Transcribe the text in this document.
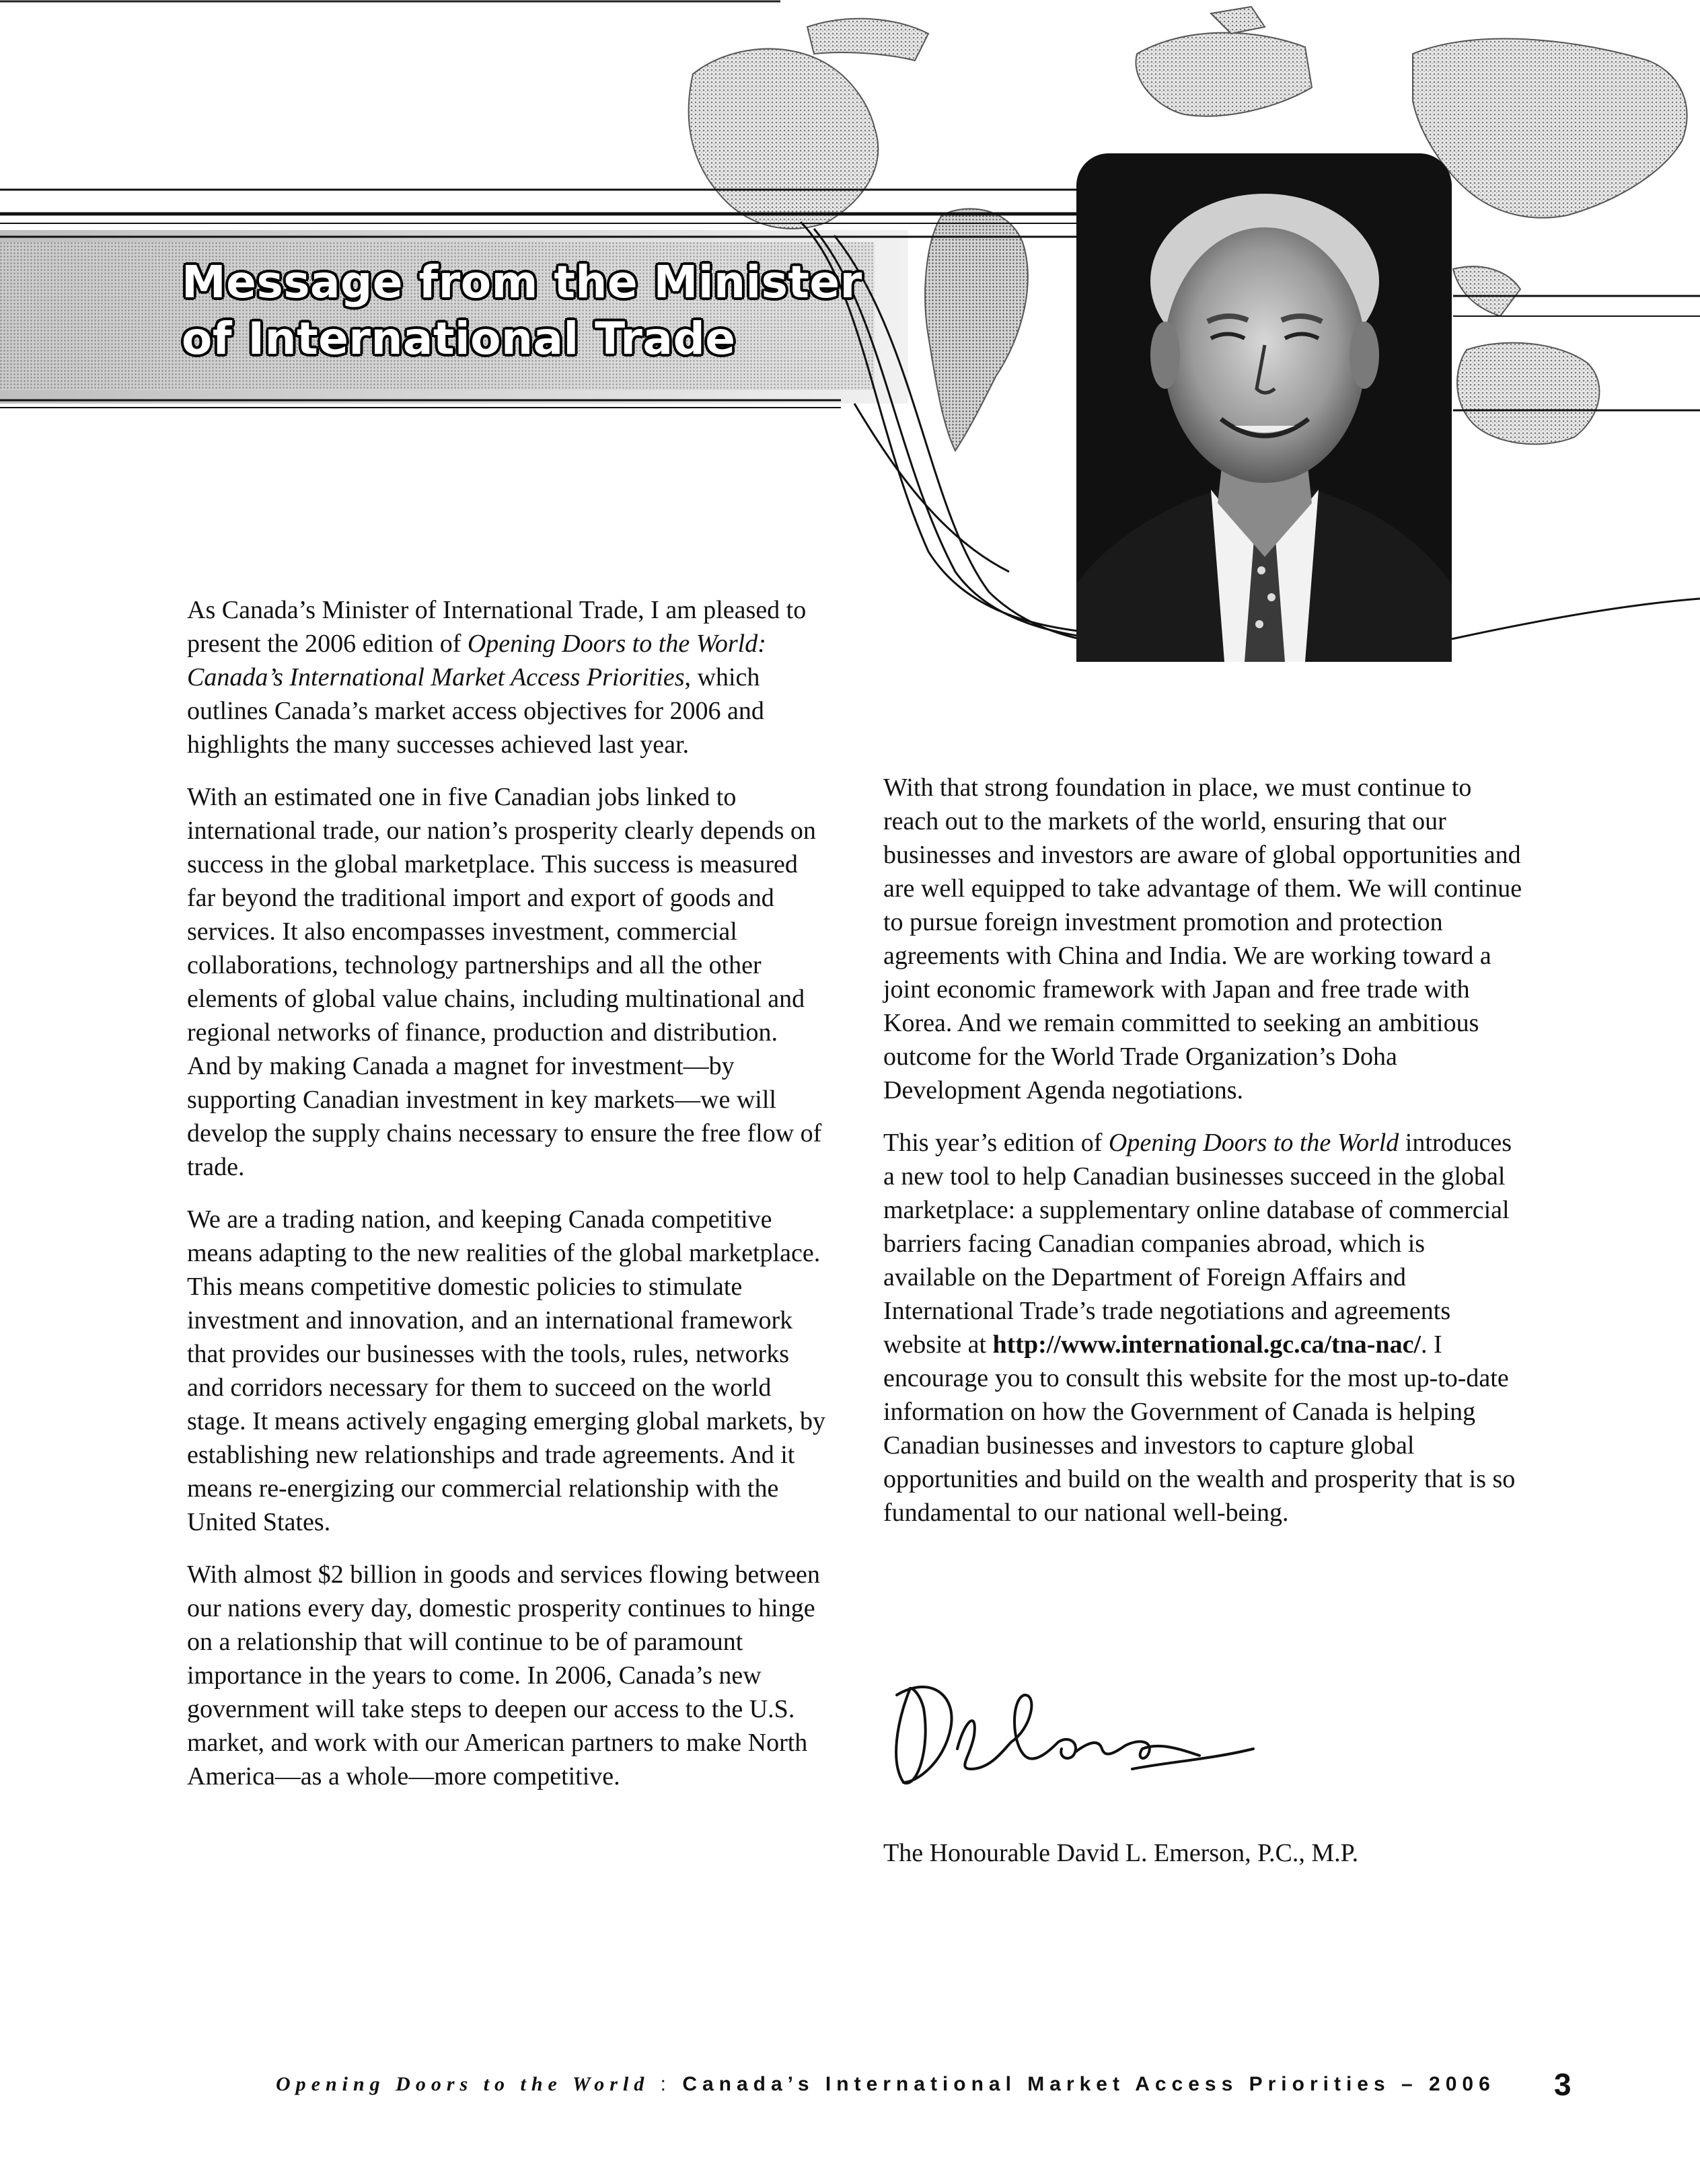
Message from the Minister
of International Trade

As Canada’s Minister of International Trade, I am pleased to present the 2006 edition of Opening Doors to the World: Canada’s International Market Access Priorities, which outlines Canada’s market access objectives for 2006 and highlights the many successes achieved last year.

With an estimated one in five Canadian jobs linked to international trade, our nation’s prosperity clearly depends on success in the global marketplace. This success is measured far beyond the traditional import and export of goods and services. It also encompasses investment, commercial collaborations, technology partnerships and all the other elements of global value chains, including multinational and regional networks of finance, production and distribution. And by making Canada a magnet for investment—by supporting Canadian investment in key markets—we will develop the supply chains necessary to ensure the free flow of trade.

We are a trading nation, and keeping Canada competitive means adapting to the new realities of the global marketplace. This means competitive domestic policies to stimulate investment and innovation, and an international framework that provides our businesses with the tools, rules, networks and corridors necessary for them to succeed on the world stage. It means actively engaging emerging global markets, by establishing new relationships and trade agreements. And it means re-energizing our commercial relationship with the United States.

With almost $2 billion in goods and services flowing between our nations every day, domestic prosperity continues to hinge on a relationship that will continue to be of paramount importance in the years to come. In 2006, Canada’s new government will take steps to deepen our access to the U.S. market, and work with our American partners to make North America—as a whole—more competitive.

With that strong foundation in place, we must continue to reach out to the markets of the world, ensuring that our businesses and investors are aware of global opportunities and are well equipped to take advantage of them. We will continue to pursue foreign investment promotion and protection agreements with China and India. We are working toward a joint economic framework with Japan and free trade with Korea. And we remain committed to seeking an ambitious outcome for the World Trade Organization’s Doha Development Agenda negotiations.

This year’s edition of Opening Doors to the World introduces a new tool to help Canadian businesses succeed in the global marketplace: a supplementary online database of commercial barriers facing Canadian companies abroad, which is available on the Department of Foreign Affairs and International Trade’s trade negotiations and agreements website at http://www.international.gc.ca/tna-nac/. I encourage you to consult this website for the most up-to-date information on how the Government of Canada is helping Canadian businesses and investors to capture global opportunities and build on the wealth and prosperity that is so fundamental to our national well-being.

The Honourable David L. Emerson, P.C., M.P.
Opening Doors to the World : Canada’s International Market Access Priorities – 2006 3
